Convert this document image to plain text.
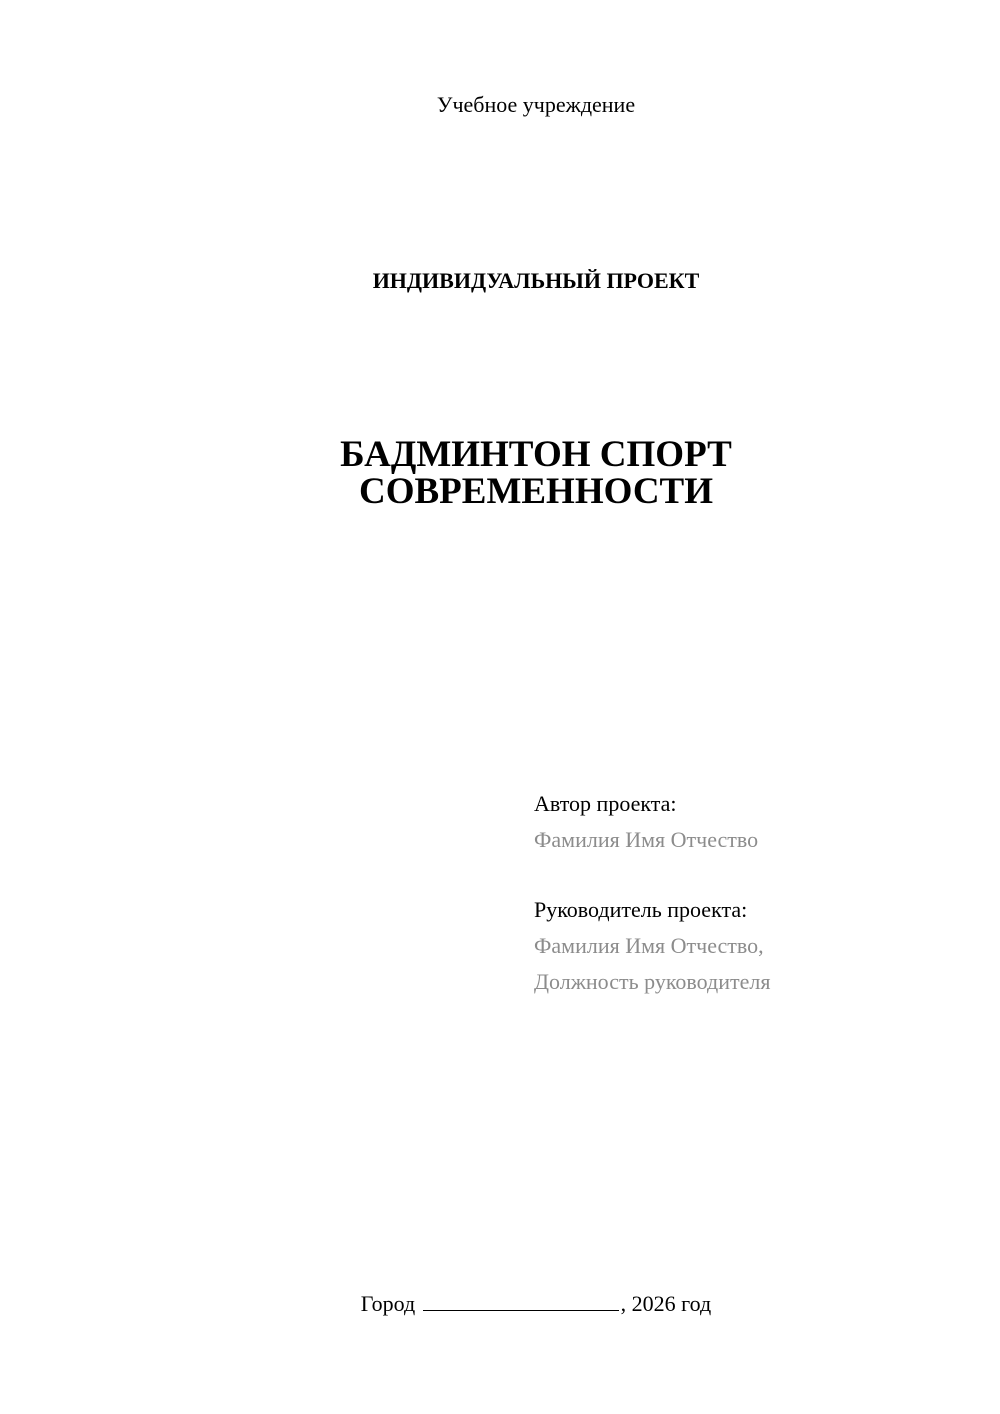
Учебное учреждение
ИНДИВИДУАЛЬНЫЙ ПРОЕКТ
БАДМИНТОН СПОРТ
СОВРЕМЕННОСТИ
Автор проекта:
Фамилия Имя Отчество
Руководитель проекта:
Фамилия Имя Отчество,
Должность руководителя
Город	, 2026 год
